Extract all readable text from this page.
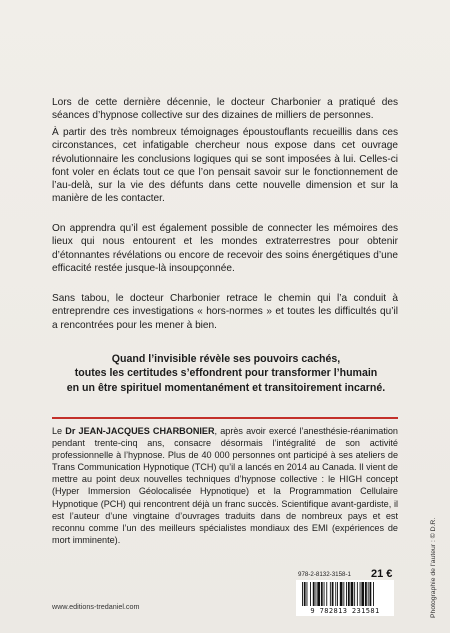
Lors de cette dernière décennie, le docteur Charbonier a pratiqué des séances d’hypnose collective sur des dizaines de milliers de personnes.

À partir des très nombreux témoignages époustouflants recueillis dans ces circonstances, cet infatigable chercheur nous expose dans cet ouvrage révolutionnaire les conclusions logiques qui se sont imposées à lui. Celles-ci font voler en éclats tout ce que l’on pensait savoir sur le fonctionnement de l’au-delà, sur la vie des défunts dans cette nouvelle dimension et sur la manière de les contacter.

On apprendra qu’il est également possible de connecter les mémoires des lieux qui nous entourent et les mondes extraterrestres pour obtenir d’étonnantes révélations ou encore de recevoir des soins énergétiques d’une efficacité restée jusque-là insoupçonnée.

Sans tabou, le docteur Charbonier retrace le chemin qui l’a conduit à entreprendre ces investigations « hors-normes » et toutes les difficultés qu’il a rencontrées pour les mener à bien.

Quand l’invisible révèle ses pouvoirs cachés,
toutes les certitudes s’effondrent pour transformer l’humain
en un être spirituel momentanément et transitoirement incarné.

Le Dr JEAN-JACQUES CHARBONIER, après avoir exercé l’anesthésie-réanimation pendant trente-cinq ans, consacre désormais l’intégralité de son activité professionnelle à l’hypnose. Plus de 40 000 personnes ont participé à ses ateliers de Trans Communication Hypnotique (TCH) qu’il a lancés en 2014 au Canada. Il vient de mettre au point deux nouvelles techniques d’hypnose collective : le HIGH concept (Hyper Immersion Géolocalisée Hypnotique) et la Programmation Cellulaire Hypnotique (PCH) qui rencontrent déjà un franc succès. Scientifique avant-gardiste, il est l’auteur d’une vingtaine d’ouvrages traduits dans de nombreux pays et est reconnu comme l’un des meilleurs spécialistes mondiaux des EMI (expériences de mort imminente).	Photographie de l’auteur : © D.R.
978-2-8132-3158-1 21 €
9 782813 231581
www.editions-tredaniel.com
